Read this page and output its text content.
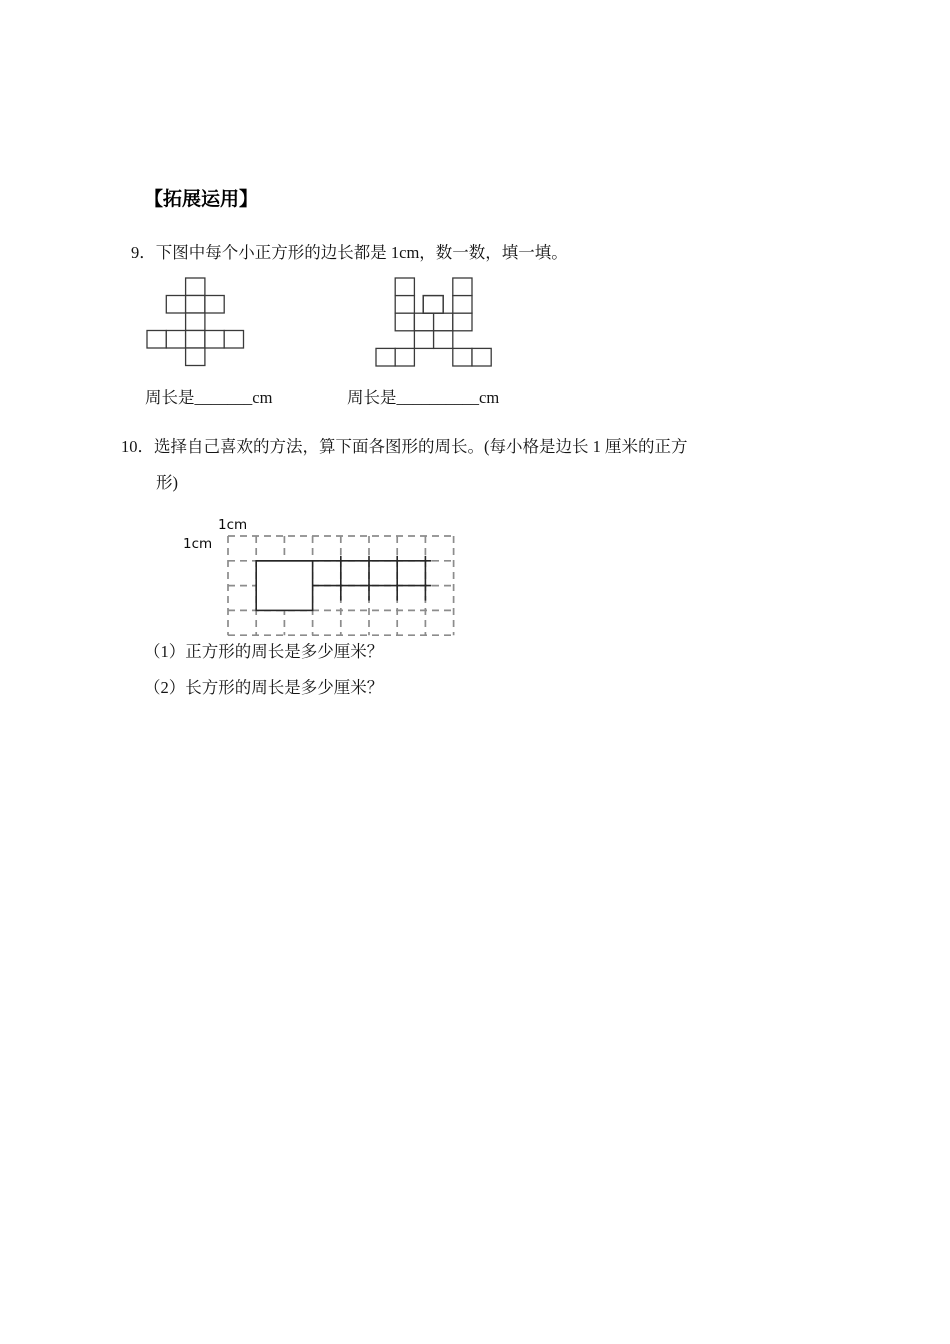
【拓展运用】
9．下图中每个小正方形的边长都是 1cm，数一数，填一填。
周长是_______cm	周长是__________cm
10．选择自己喜欢的方法，算下面各图形的周长。(每小格是边长 1 厘米的正方
形)
1cm
1cm
（1）正方形的周长是多少厘米？
（2）长方形的周长是多少厘米？
